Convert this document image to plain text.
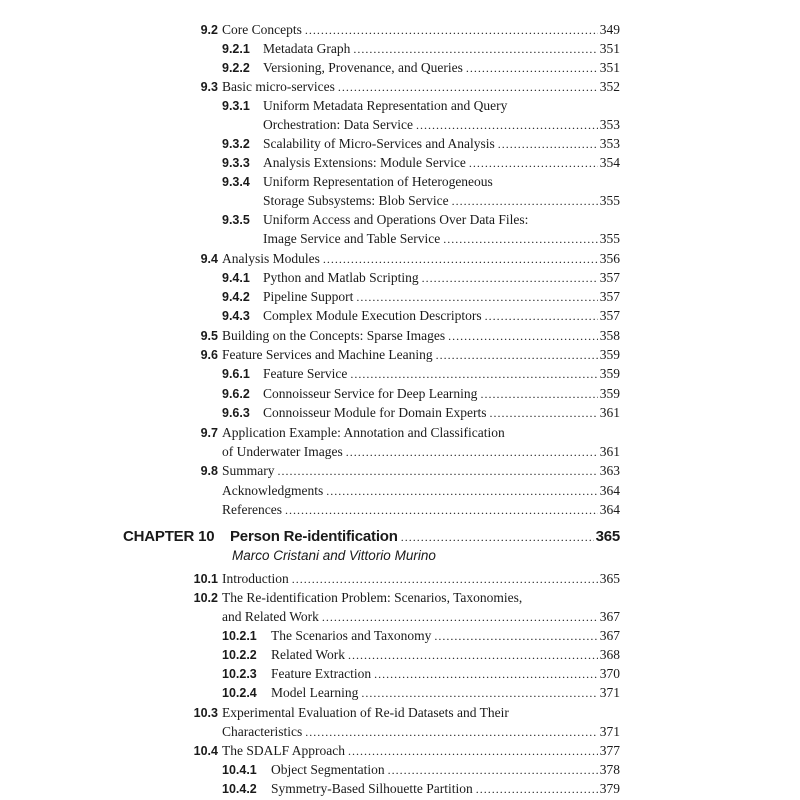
9.2 Core Concepts .....	349
9.2.1 Metadata Graph .....	351
9.2.2 Versioning, Provenance, and Queries .....	351
9.3 Basic micro-services .....	352
9.3.1 Uniform Metadata Representation and Query
Orchestration: Data Service .....	353
9.3.2 Scalability of Micro-Services and Analysis .....	353
9.3.3 Analysis Extensions: Module Service .....	354
9.3.4 Uniform Representation of Heterogeneous
Storage Subsystems: Blob Service .....	355
9.3.5 Uniform Access and Operations Over Data Files:
Image Service and Table Service .....	355
9.4 Analysis Modules .....	356
9.4.1 Python and Matlab Scripting .....	357
9.4.2 Pipeline Support .....	357
9.4.3 Complex Module Execution Descriptors .....	357
9.5 Building on the Concepts: Sparse Images .....	358
9.6 Feature Services and Machine Leaning .....	359
9.6.1 Feature Service .....	359
9.6.2 Connoisseur Service for Deep Learning .....	359
9.6.3 Connoisseur Module for Domain Experts .....	361
9.7 Application Example: Annotation and Classification
of Underwater Images .....	361
9.8 Summary .....	363
Acknowledgments .....	364
References .....	364
CHAPTER 10 Person Re-identification .....	365
Marco Cristani and Vittorio Murino
10.1 Introduction .....	365
10.2 The Re-identification Problem: Scenarios, Taxonomies,
and Related Work .....	367
10.2.1 The Scenarios and Taxonomy .....	367
10.2.2 Related Work .....	368
10.2.3 Feature Extraction .....	370
10.2.4 Model Learning .....	371
10.3 Experimental Evaluation of Re-id Datasets and Their
Characteristics .....	371
10.4 The SDALF Approach .....	377
10.4.1 Object Segmentation .....	378
10.4.2 Symmetry-Based Silhouette Partition .....	379
